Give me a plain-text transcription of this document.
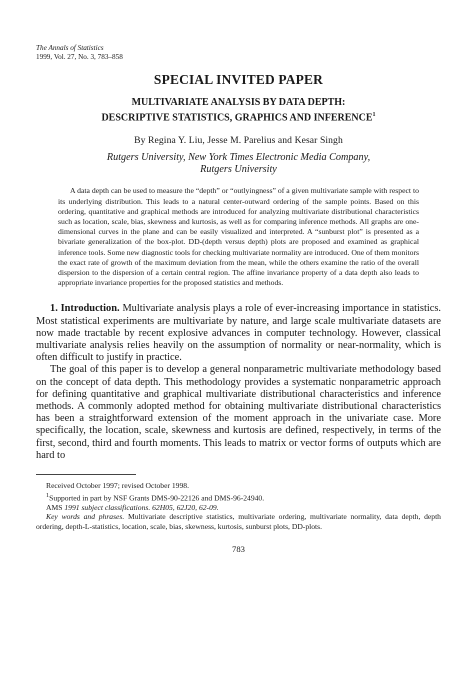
The Annals of Statistics
1999, Vol. 27, No. 3, 783–858
SPECIAL INVITED PAPER
MULTIVARIATE ANALYSIS BY DATA DEPTH:
DESCRIPTIVE STATISTICS, GRAPHICS AND INFERENCE$^1$
By Regina Y. Liu, Jesse M. Parelius and Kesar Singh
Rutgers University, New York Times Electronic Media Company,
Rutgers University
A data depth can be used to measure the “depth” or “outlyingness” of a given multivariate sample with respect to its underlying distribution. This leads to a natural center-outward ordering of the sample points. Based on this ordering, quantitative and graphical methods are introduced for analyzing multivariate distributional characteristics such as location, scale, bias, skewness and kurtosis, as well as for comparing inference methods. All graphs are one-dimensional curves in the plane and can be easily visualized and interpreted. A “sunburst plot” is presented as a bivariate generalization of the box-plot. DD-(depth versus depth) plots are proposed and examined as graphical inference tools. Some new diagnostic tools for checking multivariate normality are introduced. One of them monitors the exact rate of growth of the maximum deviation from the mean, while the others examine the ratio of the overall dispersion to the dispersion of a certain central region. The affine invariance property of a data depth also leads to appropriate invariance properties for the proposed statistics and methods.

1. Introduction. Multivariate analysis plays a role of ever-increasing importance in statistics. Most statistical experiments are multivariate by nature, and large scale multivariate datasets are now made tractable by recent explosive advances in computer technology. However, classical multivariate analysis relies heavily on the assumption of normality or near-normality, which is often difficult to justify in practice.

The goal of this paper is to develop a general nonparametric multivariate methodology based on the concept of data depth. This methodology provides a systematic nonparametric approach for defining quantitative and graphical multivariate distributional characteristics and inference methods. A commonly adopted method for obtaining multivariate distributional characteristics has been a straightforward extension of the moment approach in the univariate case. More specifically, the location, scale, skewness and kurtosis are defined, respectively, in terms of the first, second, third and fourth moments. This leads to matrix or vector forms of outputs which are hard to

Received October 1997; revised October 1998.
$^1$Supported in part by NSF Grants DMS-90-22126 and DMS-96-24940.
AMS 1991 subject classifications. 62H05, 62J20, 62-09.
Key words and phrases. Multivariate descriptive statistics, multivariate ordering, multivariate normality, data depth, depth ordering, depth-L-statistics, location, scale, bias, skewness, kurtosis, sunburst plots, DD-plots.
783
